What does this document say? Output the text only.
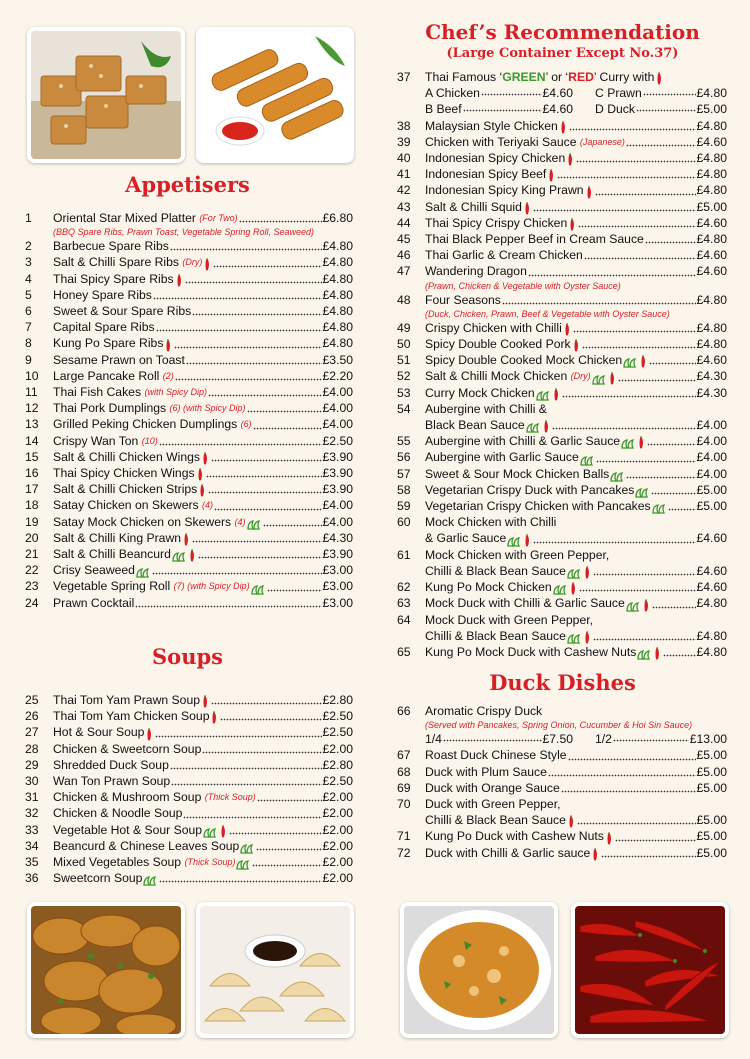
Appetisers
1	Oriental Star Mixed Platter
(For Two)	£6.80
(BBQ Spare Ribs, Prawn Toast, Vegetable Spring Roll, Seaweed)
2	Barbecue Spare Ribs	£4.80
3	Salt & Chilli Spare Ribs
(Dry)	£4.80
4	Thai Spicy Spare Ribs	£4.80
5	Honey Spare Ribs	£4.80
6	Sweet & Sour Spare Ribs	£4.80
7	Capital Spare Ribs	£4.80
8	Kung Po Spare Ribs	£4.80
9	Sesame Prawn on Toast	£3.50
10	Large Pancake Roll
(2)	£2.20
11	Thai Fish Cakes
(with Spicy Dip)	£4.00
12	Thai Pork Dumplings
(6) (with Spicy Dip)	£4.00
13	Grilled Peking Chicken Dumplings
(6)	£4.00
14	Crispy Wan Ton
(10)	£2.50
15	Salt & Chilli Chicken Wings	£3.90
16	Thai Spicy Chicken Wings	£3.90
17	Salt & Chilli Chicken Strips	£3.90
18	Satay Chicken on Skewers
(4)	£4.00
19	Satay Mock Chicken on Skewers
(4)	£4.00
20	Salt & Chilli King Prawn	£4.30
21	Salt & Chilli Beancurd	£3.90
22	Crisy Seaweed	£3.00
23	Vegetable Spring Roll
(7) (with Spicy Dip)	£3.00
24	Prawn Cocktail	£3.00
Soups
25	Thai Tom Yam Prawn Soup	£2.80
26	Thai Tom Yam Chicken Soup	£2.50
27	Hot & Sour Soup	£2.50
28	Chicken & Sweetcorn Soup	£2.00
29	Shredded Duck Soup	£2.80
30	Wan Ton Prawn Soup	£2.50
31	Chicken & Mushroom Soup
(Thick Soup)	£2.00
32	Chicken & Noodle Soup	£2.00
33	Vegetable Hot & Sour Soup	£2.00
34	Beancurd & Chinese Leaves Soup	£2.00
35	Mixed Vegetables Soup
(Thick Soup)	£2.00
36	Sweetcorn Soup	£2.00
Chef’s Recommendation
(Large Container Except No.37)
37	Thai Famous ‘GREEN’ or ‘RED’ Curry with
A Chicken	£4.60 C Prawn	£4.80
B Beef	£4.60 D Duck	£5.00
38	Malaysian Style Chicken	£4.80
39	Chicken with Teriyaki Sauce
(Japanese)	£4.60
40	Indonesian Spicy Chicken	£4.80
41	Indonesian Spicy Beef	£4.80
42	Indonesian Spicy King Prawn	£4.80
43	Salt & Chilli Squid	£5.00
44	Thai Spicy Crispy Chicken	£4.60
45	Thai Black Pepper Beef in Cream Sauce	£4.80
46	Thai Garlic & Cream Chicken	£4.60
47	Wandering Dragon	£4.60
(Prawn, Chicken & Vegetable with Oyster Sauce)
48	Four Seasons	£4.80
(Duck, Chicken, Prawn, Beef & Vegetable with Oyster Sauce)
49	Crispy Chicken with Chilli	£4.80
50	Spicy Double Cooked Pork	£4.80
51	Spicy Double Cooked Mock Chicken	£4.60
52	Salt & Chilli Mock Chicken
(Dry)	£4.30
53	Curry Mock Chicken	£4.30
54	Aubergine with Chilli &
Black Bean Sauce	£4.00
55	Aubergine with Chilli & Garlic Sauce	£4.00
56	Aubergine with Garlic Sauce	£4.00
57	Sweet & Sour Mock Chicken Balls	£4.00
58	Vegetarian Crispy Duck with Pancakes	£5.00
59	Vegetarian Crispy Chicken with Pancakes	£5.00
60	Mock Chicken with Chilli
& Garlic Sauce	£4.60
61	Mock Chicken with Green Pepper,
Chilli & Black Bean Sauce	£4.60
62	Kung Po Mock Chicken	£4.60
63	Mock Duck with Chilli & Garlic Sauce	£4.80
64	Mock Duck with Green Pepper,
Chilli & Black Bean Sauce	£4.80
65	Kung Po Mock Duck with Cashew Nuts	£4.80
Duck Dishes
66	Aromatic Crispy Duck
(Served with Pancakes, Spring Onion, Cucumber & Hoi Sin Sauce)
1/4	£7.50 1/2	£13.00
67	Roast Duck Chinese Style	£5.00
68	Duck with Plum Sauce	£5.00
69	Duck with Orange Sauce	£5.00
70	Duck with Green Pepper,
Chilli & Black Bean Sauce	£5.00
71	Kung Po Duck with Cashew Nuts	£5.00
72	Duck with Chilli & Garlic sauce	£5.00
